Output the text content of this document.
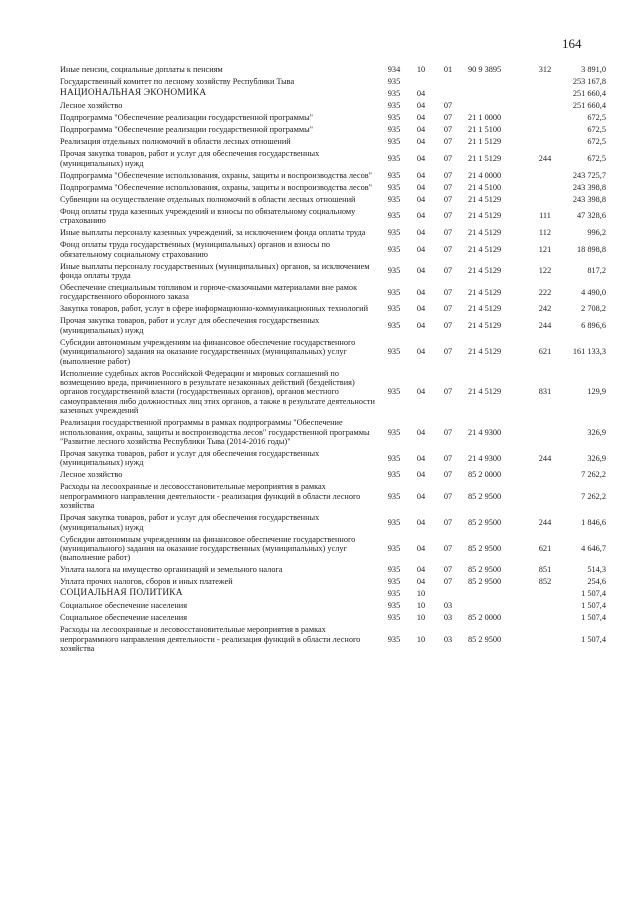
164
Иные пенсии, социальные доплаты к пенсиям	934	10	01	90 9 3895	312	3 891,0
Государственный комитет по лесному хозяйству Республики Тыва	935					253 167,8
НАЦИОНАЛЬНАЯ ЭКОНОМИКА	935	04				251 660,4
Лесное хозяйство	935	04	07			251 660,4
Подпрограмма "Обеспечение реализации государственной программы"	935	04	07	21 1 0000		672,5
Подпрограмма "Обеспечение реализации государственной программы"	935	04	07	21 1 5100		672,5
Реализация отдельных полномочий в области лесных отношений	935	04	07	21 1 5129		672,5
Прочая закупка товаров, работ и услуг для обеспечения государственных (муниципальных) нужд	935	04	07	21 1 5129	244	672,5
Подпрограмма "Обеспечение использования, охраны, защиты и воспроизводства лесов"	935	04	07	21 4 0000		243 725,7
Подпрограмма "Обеспечение использования, охраны, защиты и воспроизводства лесов"	935	04	07	21 4 5100		243 398,8
Субвенции на осуществление отдельных полномочий в области лесных отношений	935	04	07	21 4 5129		243 398,8
Фонд оплаты труда казенных учреждений и взносы по обязательному социальному страхованию	935	04	07	21 4 5129	111	47 328,6
Иные выплаты персоналу казенных учреждений, за исключением фонда оплаты труда	935	04	07	21 4 5129	112	996,2
Фонд оплаты труда государственных (муниципальных) органов и взносы по обязательному социальному страхованию	935	04	07	21 4 5129	121	18 898,8
Иные выплаты персоналу государственных (муниципальных) органов, за исключением фонда оплаты труда	935	04	07	21 4 5129	122	817,2
Обеспечение специальным топливом и горюче-смазочными материалами вне рамок государственного оборонного заказа	935	04	07	21 4 5129	222	4 490,0
Закупка товаров, работ, услуг в сфере информационно-коммуникационных технологий	935	04	07	21 4 5129	242	2 708,2
Прочая закупка товаров, работ и услуг для обеспечения государственных (муниципальных) нужд	935	04	07	21 4 5129	244	6 896,6
Субсидии автономным учреждениям на финансовое обеспечение государственного (муниципального) задания на оказание государственных (муниципальных) услуг (выполнение работ)	935	04	07	21 4 5129	621	161 133,3
Исполнение судебных актов Российской Федерации и мировых соглашений по возмещению вреда, причиненного в результате незаконных действий (бездействия) органов государственной власти (государственных органов), органов местного самоуправления либо должностных лиц этих органов, а также в результате деятельности казенных учреждений	935	04	07	21 4 5129	831	129,9
Реализация государственной программы в рамках подпрограммы "Обеспечение использования, охраны, защиты и воспроизводства лесов" государственной программы "Развитие лесного хозяйства Республики Тыва (2014-2016 годы)"	935	04	07	21 4 9300		326,9
Прочая закупка товаров, работ и услуг для обеспечения государственных (муниципальных) нужд	935	04	07	21 4 9300	244	326,9
Лесное хозяйство	935	04	07	85 2 0000		7 262,2
Расходы на лесоохранные и лесовосстановительные мероприятия в рамках непрограммного направления деятельности - реализация функций в области лесного хозяйства	935	04	07	85 2 9500		7 262,2
Прочая закупка товаров, работ и услуг для обеспечения государственных (муниципальных) нужд	935	04	07	85 2 9500	244	1 846,6
Субсидии автономным учреждениям на финансовое обеспечение государственного (муниципального) задания на оказание государственных (муниципальных) услуг (выполнение работ)	935	04	07	85 2 9500	621	4 646,7
Уплата налога на имущество организаций и земельного налога	935	04	07	85 2 9500	851	514,3
Уплата прочих налогов, сборов и иных платежей	935	04	07	85 2 9500	852	254,6
СОЦИАЛЬНАЯ ПОЛИТИКА	935	10				1 507,4
Социальное обеспечение населения	935	10	03			1 507,4
Социальное обеспечение населения	935	10	03	85 2 0000		1 507,4
Расходы на лесоохранные и лесовосстановительные мероприятия в рамках непрограммного направления деятельности - реализация функций в области лесного хозяйства	935	10	03	85 2 9500		1 507,4
